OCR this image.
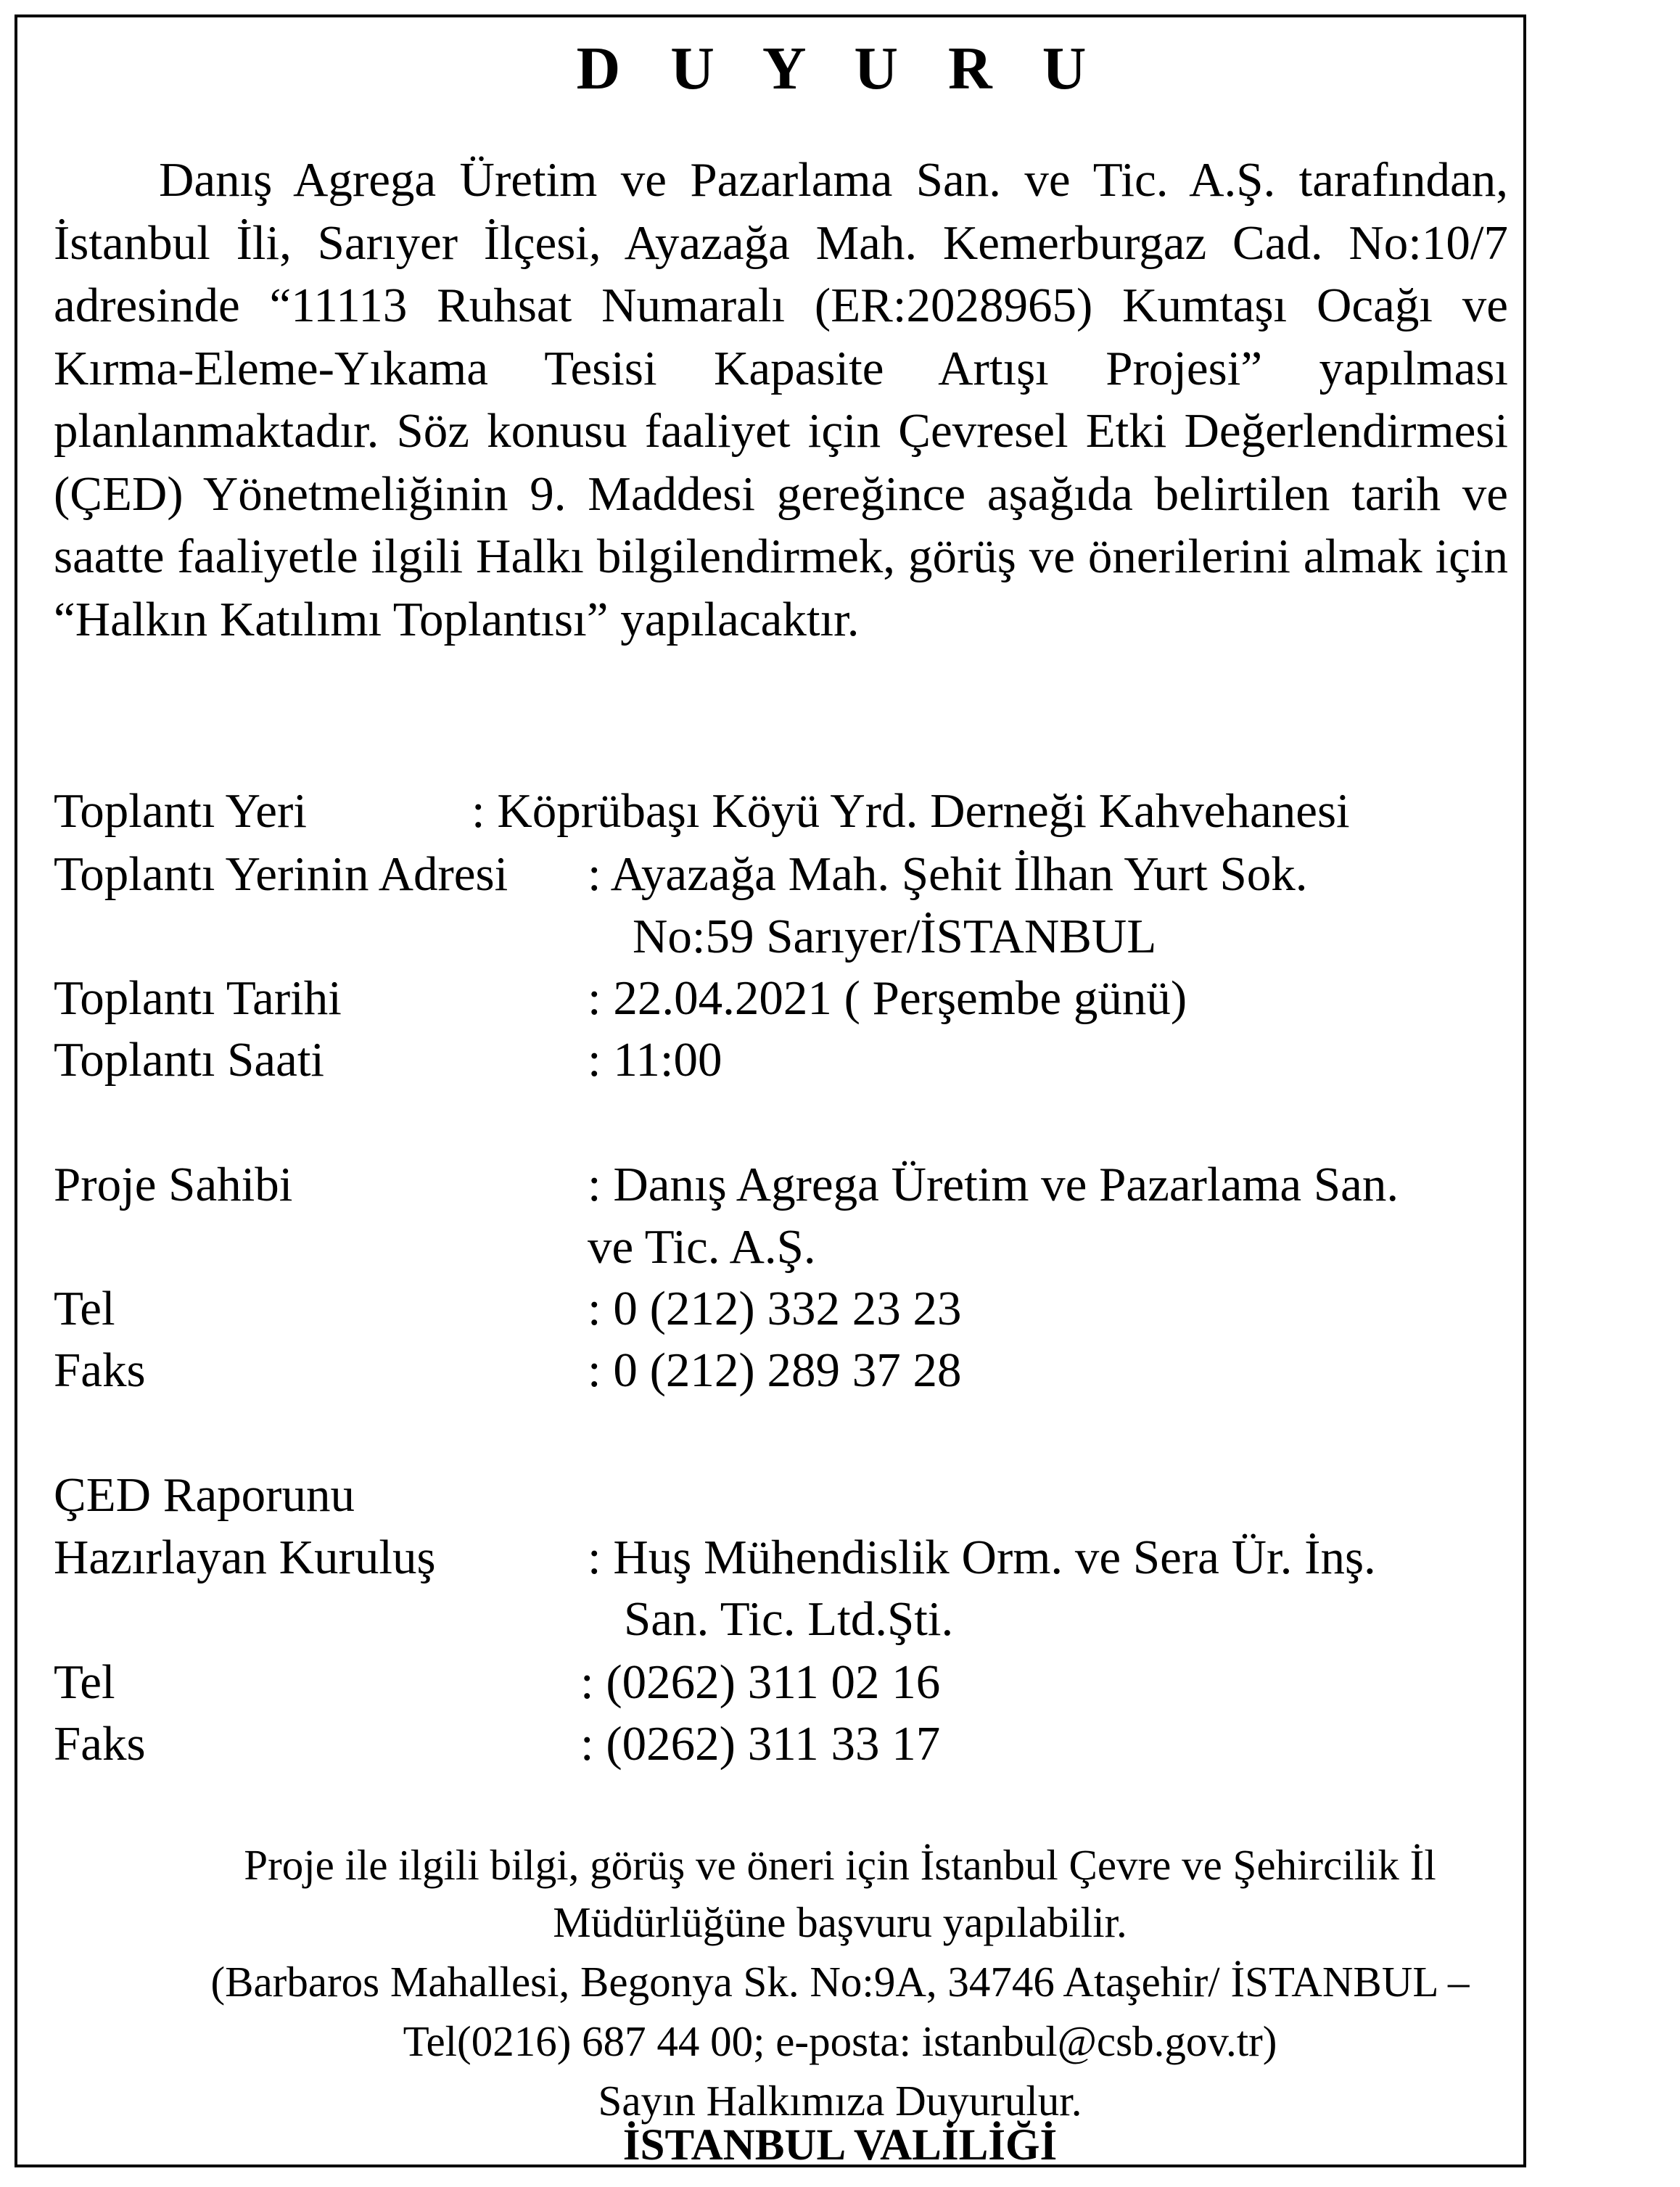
D U Y U R U

Danış Agrega Üretim ve Pazarlama San. ve Tic. A.Ş. tarafından, İstanbul İli, Sarıyer İlçesi, Ayazağa Mah. Kemerburgaz Cad. No:10/7 adresinde “11113 Ruhsat Numaralı (ER:2028965) Kumtaşı Ocağı ve Kırma-Eleme-Yıkama Tesisi Kapasite Artışı Projesi” yapılması planlanmaktadır. Söz konusu faaliyet için Çevresel Etki Değerlendirmesi (ÇED) Yönetmeliğinin 9. Maddesi gereğince aşağıda belirtilen tarih ve saatte faaliyetle ilgili Halkı bilgilendirmek, görüş ve önerilerini almak için “Halkın Katılımı Toplantısı” yapılacaktır.

Toplantı Yeri	: Köprübaşı Köyü Yrd. Derneği Kahvehanesi
Toplantı Yerinin Adresi : Ayazağa Mah. Şehit İlhan Yurt Sok.
No:59 Sarıyer/İSTANBUL
Toplantı Tarihi	: 22.04.2021 ( Perşembe günü)
Toplantı Saati	: 11:00
Proje Sahibi	: Danış Agrega Üretim ve Pazarlama San.
ve Tic. A.Ş.
Tel	: 0 (212) 332 23 23
Faks	: 0 (212) 289 37 28
ÇED Raporunu
Hazırlayan Kuruluş	: Huş Mühendislik Orm. ve Sera Ür. İnş.
San. Tic. Ltd.Şti.
Tel	: (0262) 311 02 16
Faks	: (0262) 311 33 17
Proje ile ilgili bilgi, görüş ve öneri için İstanbul Çevre ve Şehircilik İl
Müdürlüğüne başvuru yapılabilir.
(Barbaros Mahallesi, Begonya Sk. No:9A, 34746 Ataşehir/ İSTANBUL –
Tel(0216) 687 44 00; e-posta: istanbul@csb.gov.tr)
Sayın Halkımıza Duyurulur.
İSTANBUL VALİLİĞİ
